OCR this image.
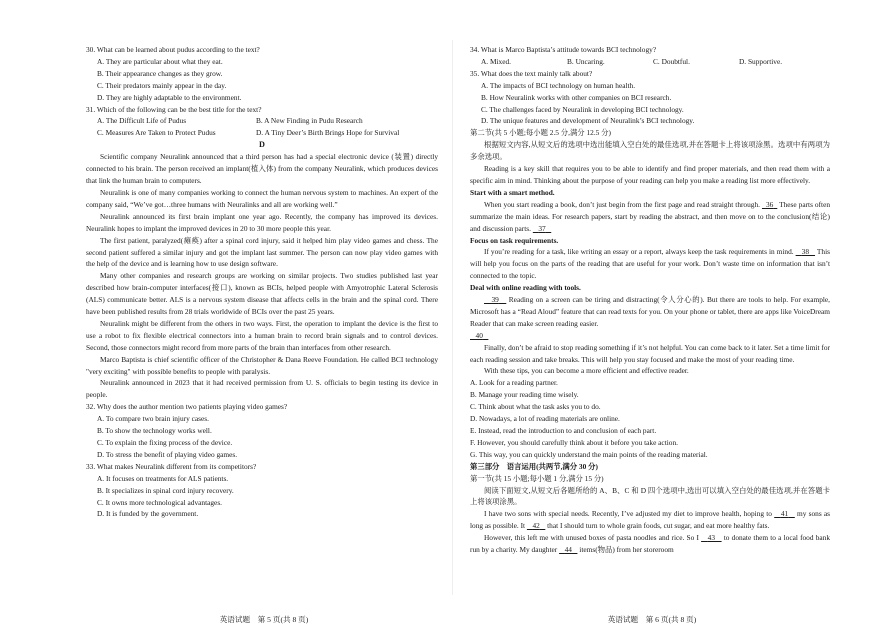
30. What can be learned about pudus according to the text?

A. They are particular about what they eat.

B. Their appearance changes as they grow.

C. Their predators mainly appear in the day.

D. They are highly adaptable to the environment.

31. Which of the following can be the best title for the text?

A. The Difficult Life of Pudus	B. A New Finding in Pudu Research
C. Measures Are Taken to Protect Pudus	D. A Tiny Deer’s Birth Brings Hope for Survival

D

Scientific company Neuralink announced that a third person has had a special electronic device (装置) directly connected to his brain. The person received an implant(植入体) from the company Neuralink, which produces devices that link the human brain to computers.

Neuralink is one of many companies working to connect the human nervous system to machines. An expert of the company said, “We’ve got…three humans with Neuralinks and all are working well.”

Neuralink announced its first brain implant one year ago. Recently, the company has improved its devices. Neuralink hopes to implant the improved devices in 20 to 30 more people this year.

The first patient, paralyzed(瘫痪) after a spinal cord injury, said it helped him play video games and chess. The second patient suffered a similar injury and got the implant last summer. The person can now play video games with the help of the device and is learning how to use design software.

Many other companies and research groups are working on similar projects. Two studies published last year described how brain-computer interfaces(接口), known as BCIs, helped people with Amyotrophic Lateral Sclerosis (ALS) communicate better. ALS is a nervous system disease that affects cells in the brain and the spinal cord. There have been published results from 28 trials worldwide of BCIs over the past 25 years.

Neuralink might be different from the others in two ways. First, the operation to implant the device is the first to use a robot to fix flexible electrical connectors into a human brain to record brain signals and to control devices. Second, those connectors might record from more parts of the brain than interfaces from other research.

Marco Baptista is chief scientific officer of the Christopher & Dana Reeve Foundation. He called BCI technology "very exciting" with possible benefits to people with paralysis.

Neuralink announced in 2023 that it had received permission from U. S. officials to begin testing its device in people.

32. Why does the author mention two patients playing video games?

A. To compare two brain injury cases.

B. To show the technology works well.

C. To explain the fixing process of the device.

D. To stress the benefit of playing video games.

33. What makes Neuralink different from its competitors?

A. It focuses on treatments for ALS patients.

B. It specializes in spinal cord injury recovery.

C. It owns more technological advantages.

D. It is funded by the government.

英语试题　第 5 页(共 8 页)

34. What is Marco Baptista’s attitude towards BCI technology?

A. Mixed.	B. Uncaring.	C. Doubtful.	D. Supportive.

35. What does the text mainly talk about?

A. The impacts of BCI technology on human health.

B. How Neuralink works with other companies on BCI research.

C. The challenges faced by Neuralink in developing BCI technology.

D. The unique features and development of Neuralink’s BCI technology.

第二节(共 5 小题;每小题 2.5 分,满分 12.5 分)

根据短文内容,从短文后的选项中选出能填入空白处的最佳选项,并在答题卡上将该项涂黑。选项中有两项为多余选项。

Reading is a key skill that requires you to be able to identify and find proper materials, and then read them with a specific aim in mind. Thinking about the purpose of your reading can help you make a reading list more effectively.

Start with a smart method.

When you start reading a book, don’t just begin from the first page and read straight through. 36 These parts often summarize the main ideas. For research papers, start by reading the abstract, and then move on to the conclusion(结论) and discussion parts. 37

Focus on task requirements.

If you’re reading for a task, like writing an essay or a report, always keep the task requirements in mind. 38 This will help you focus on the parts of the reading that are useful for your work. Don’t waste time on information that isn’t connected to the topic.

Deal with online reading with tools.

39 Reading on a screen can be tiring and distracting(令人分心的). But there are tools to help. For example, Microsoft has a “Read Aloud” feature that can read texts for you. On your phone or tablet, there are apps like VoiceDream Reader that can make screen reading easier.

40

Finally, don’t be afraid to stop reading something if it’s not helpful. You can come back to it later. Set a time limit for each reading session and take breaks. This will help you stay focused and make the most of your reading time.

With these tips, you can become a more efficient and effective reader.

A. Look for a reading partner.

B. Manage your reading time wisely.

C. Think about what the task asks you to do.

D. Nowadays, a lot of reading materials are online.

E. Instead, read the introduction to and conclusion of each part.

F. However, you should carefully think about it before you take action.

G. This way, you can quickly understand the main points of the reading material.

第三部分　语言运用(共两节,满分 30 分)

第一节(共 15 小题;每小题 1 分,满分 15 分)

阅读下面短文,从短文后各题所给的 A、B、C 和 D 四个选项中,选出可以填入空白处的最佳选项,并在答题卡上将该项涂黑。

I have two sons with special needs. Recently, I’ve adjusted my diet to improve health, hoping to 41 my sons as long as possible. It 42 that I should turn to whole grain foods, cut sugar, and eat more healthy fats.

However, this left me with unused boxes of pasta noodles and rice. So I 43 to donate them to a local food bank run by a charity. My daughter 44 items(物品) from her storeroom

英语试题　第 6 页(共 8 页)
